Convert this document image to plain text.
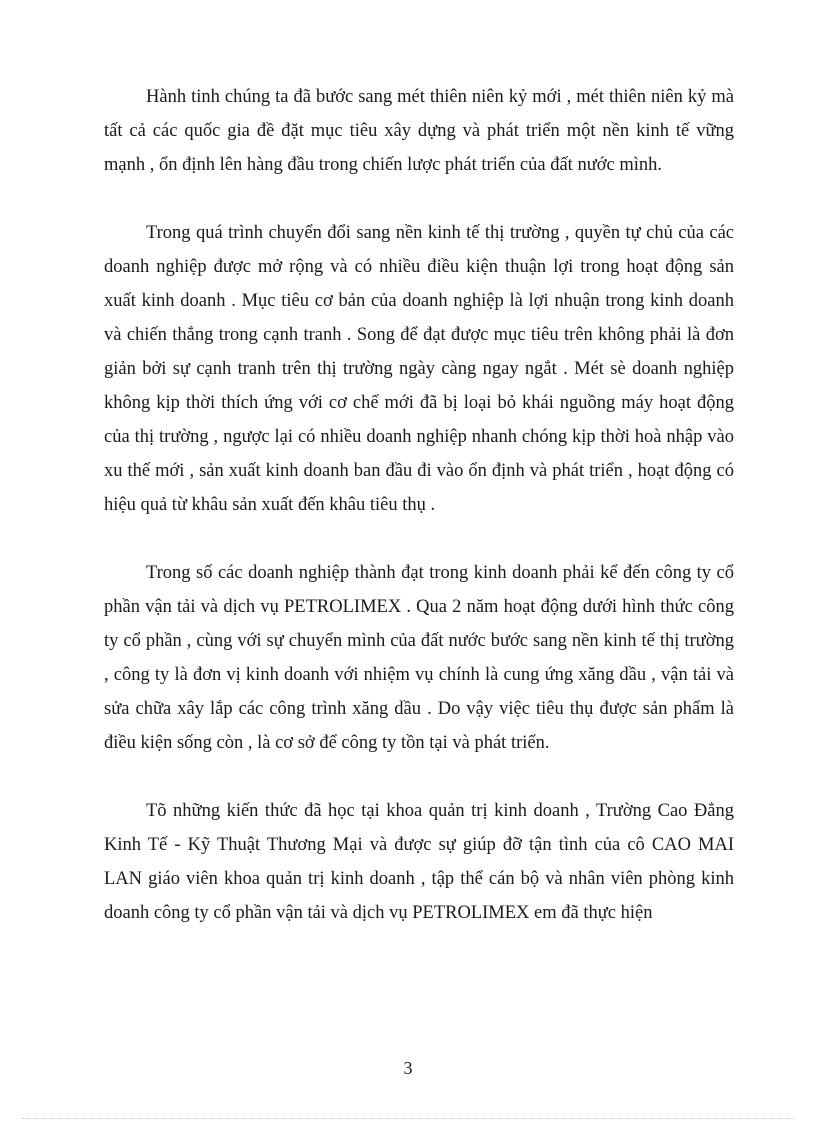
Hành tinh chúng ta đã bước sang mét thiên niên kỷ mới , mét thiên niên kỷ mà tất cả các quốc gia đề đặt mục tiêu xây dựng và phát triển một nền kinh tế vững mạnh , ổn định lên hàng đầu trong chiến lược phát triển của đất nước mình.

Trong quá trình chuyển đổi sang nền kinh tế thị trường , quyền tự chủ của các doanh nghiệp được mở rộng và có nhiều điều kiện thuận lợi trong hoạt động sản xuất kinh doanh . Mục tiêu cơ bản của doanh nghiệp là lợi nhuận trong kinh doanh và chiến thắng trong cạnh tranh . Song để đạt được mục tiêu trên không phải là đơn giản bởi sự cạnh tranh trên thị trường ngày càng ngay ngắt . Mét sè doanh nghiệp không kịp thời thích ứng với cơ chế mới đã bị loại bỏ khái nguồng máy hoạt động của thị trường , ngược lại có nhiều doanh nghiệp nhanh chóng kịp thời hoà nhập vào xu thế mới , sản xuất kinh doanh ban đầu đi vào ổn định và phát triển , hoạt động có hiệu quả từ khâu sản xuất đến khâu tiêu thụ .

Trong số các doanh nghiệp thành đạt trong kinh doanh phải kể đến công ty cổ phần vận tải và dịch vụ PETROLIMEX . Qua 2 năm hoạt động dưới hình thức công ty cổ phần , cùng với sự chuyển mình của đất nước bước sang nền kinh tế thị trường , công ty là đơn vị kinh doanh với nhiệm vụ chính là cung ứng xăng dầu , vận tải và sửa chữa xây lắp các công trình xăng dầu . Do vậy việc tiêu thụ được sản phẩm là điều kiện sống còn , là cơ sở để công ty tồn tại và phát triển.

Tõ những kiến thức đã học tại khoa quản trị kinh doanh , Trường Cao Đẳng Kinh Tế - Kỹ Thuật Thương Mại và được sự giúp đỡ tận tình của cô CAO MAI LAN giáo viên khoa quản trị kinh doanh , tập thể cán bộ và nhân viên phòng kinh doanh công ty cổ phần vận tải và dịch vụ PETROLIMEX em đã thực hiện

3
